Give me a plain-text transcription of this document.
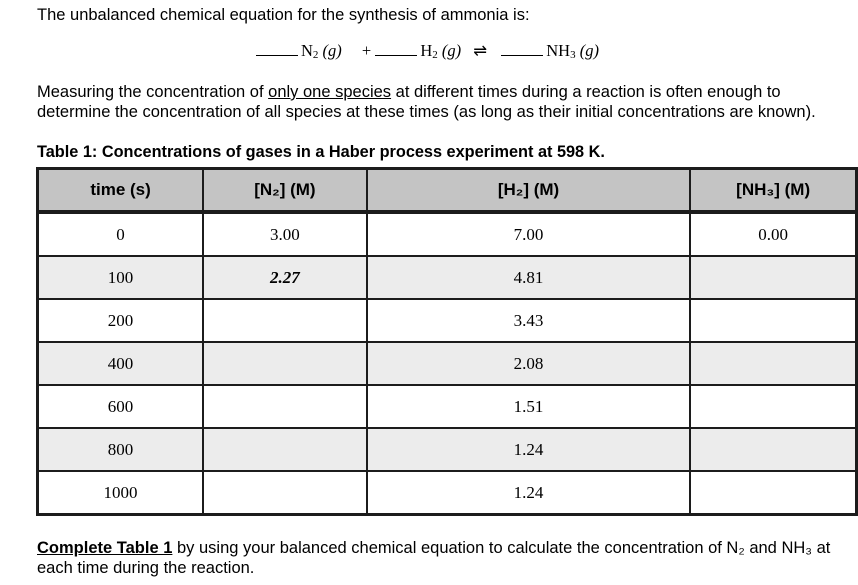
The unbalanced chemical equation for the synthesis of ammonia is:
$N_2$ (g) +	$H_2$ (g) ⇌	$NH_3$ (g)
Measuring the concentration of only one species at different times during a reaction is often enough to determine the concentration of all species at these times (as long as their initial concentrations are known).
Table 1: Concentrations of gases in a Haber process experiment at 598 K.
time (s)	[N₂] (M)	[H₂] (M)	[NH₃] (M)
0	3.00	7.00	0.00
100	2.27	4.81	
200		3.43	
400		2.08	
600		1.51	
800		1.24	
1000		1.24	
Complete Table 1 by using your balanced chemical equation to calculate the concentration of N₂ and NH₃ at each time during the reaction.
